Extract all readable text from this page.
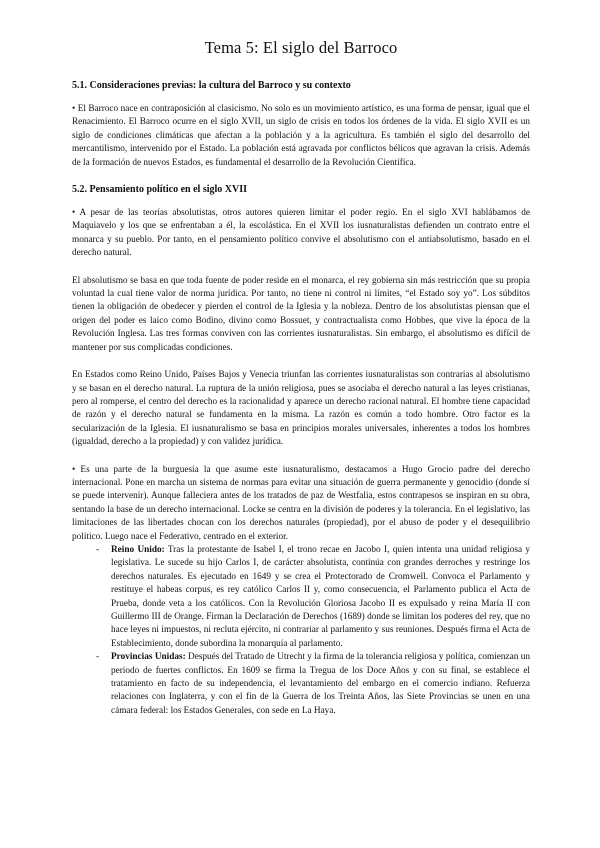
Tema 5: El siglo del Barroco
5.1. Consideraciones previas: la cultura del Barroco y su contexto

• El Barroco nace en contraposición al clasicismo. No solo es un movimiento artístico, es una forma de pensar, igual que el Renacimiento. El Barroco ocurre en el siglo XVII, un siglo de crisis en todos los órdenes de la vida. El siglo XVII es un siglo de condiciones climáticas que afectan a la población y a la agricultura. Es también el siglo del desarrollo del mercantilismo, intervenido por el Estado. La población está agravada por conflictos bélicos que agravan la crisis. Además de la formación de nuevos Estados, es fundamental el desarrollo de la Revolución Científica.

5.2. Pensamiento político en el siglo XVII

• A pesar de las teorías absolutistas, otros autores quieren limitar el poder regio. En el siglo XVI hablábamos de Maquiavelo y los que se enfrentaban a él, la escolástica. En el XVII los iusnaturalistas defienden un contrato entre el monarca y su pueblo. Por tanto, en el pensamiento político convive el absolutismo con el antiabsolutismo, basado en el derecho natural.

El absolutismo se basa en que toda fuente de poder reside en el monarca, el rey gobierna sin más restricción que su propia voluntad la cual tiene valor de norma jurídica. Por tanto, no tiene ni control ni límites, “el Estado soy yo”. Los súbditos tienen la obligación de obedecer y pierden el control de la Iglesia y la nobleza. Dentro de los absolutistas piensan que el origen del poder es laico como Bodino, divino como Bossuet, y contractualista como Hobbes, que vive la época de la Revolución Inglesa. Las tres formas conviven con las corrientes iusnaturalistas. Sin embargo, el absolutismo es difícil de mantener por sus complicadas condiciones.

En Estados como Reino Unido, Países Bajos y Venecia triunfan las corrientes iusnaturalistas son contrarias al absolutismo y se basan en el derecho natural. La ruptura de la unión religiosa, pues se asociaba el derecho natural a las leyes cristianas, pero al romperse, el centro del derecho es la racionalidad y aparece un derecho racional natural. El hombre tiene capacidad de razón y el derecho natural se fundamenta en la misma. La razón es común a todo hombre. Otro factor es la secularización de la Iglesia. El iusnaturalismo se basa en principios morales universales, inherentes a todos los hombres (igualdad, derecho a la propiedad) y con validez jurídica.

• Es una parte de la burguesía la que asume este iusnaturalismo, destacamos a Hugo Grocio padre del derecho internacional. Pone en marcha un sistema de normas para evitar una situación de guerra permanente y genocidio (donde sí se puede intervenir). Aunque fallecierа antes de los tratados de paz de Westfalia, estos contrapesos se inspiran en su obra, sentando la base de un derecho internacional. Locke se centra en la división de poderes y la tolerancia. En el legislativo, las limitaciones de las libertades chocan con los derechos naturales (propiedad), por el abuso de poder y el desequilibrio político. Luego nace el Federativo, centrado en el exterior.

- Reino Unido: Tras la protestante de Isabel I, el trono recae en Jacobo I, quien intenta una unidad religiosa y legislativa. Le sucede su hijo Carlos I, de carácter absolutista, continúa con grandes derroches y restringe los derechos naturales. Es ejecutado en 1649 y se crea el Protectorado de Cromwell. Convoca el Parlamento y restituye el habeas corpus, es rey católico Carlos II y, como consecuencia, el Parlamento publica el Acta de Prueba, donde veta a los católicos. Con la Revolución Gloriosa Jacobo II es expulsado y reina María II con Guillermo III de Orange. Firman la Declaración de Derechos (1689) donde se limitan los poderes del rey, que no hace leyes ni impuestos, ni recluta ejército, ni contrariar al parlamento y sus reuniones. Después firma el Acta de Establecimiento, donde subordina la monarquía al parlamento.
- Provincias Unidas: Después del Tratado de Utrecht y la firma de la tolerancia religiosa y política, comienzan un periodo de fuertes conflictos. En 1609 se firma la Tregua de los Doce Años y con su final, se establece el tratamiento en facto de su independencia, el levantamiento del embargo en el comercio indiano. Refuerza relaciones con Inglaterra, y con el fin de la Guerra de los Treinta Años, las Siete Provincias se unen en una cámara federal: los Estados Generales, con sede en La Haya.
